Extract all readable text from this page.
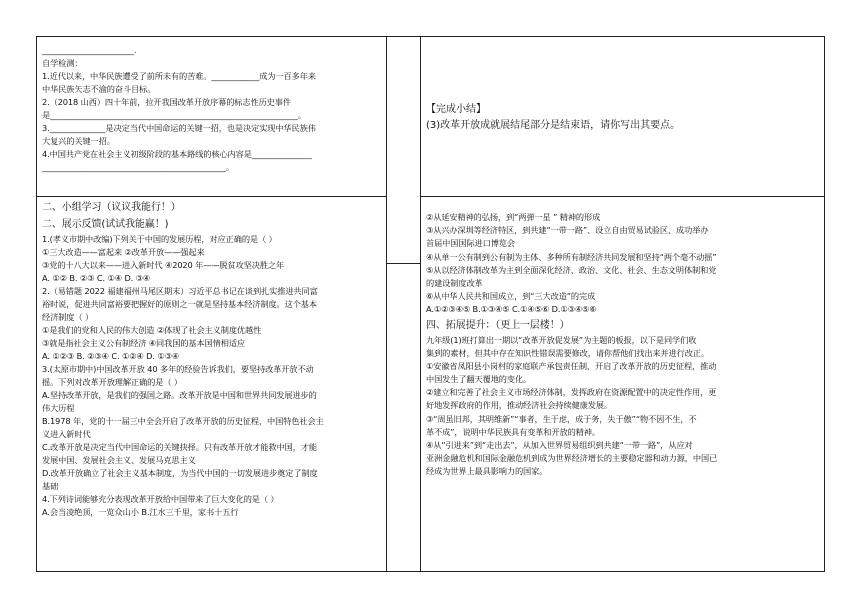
_______________________.
自学检测：
1.近代以来，中华民族遭受了前所未有的苦难。____________成为一百多年来
中华民族矢志不渝的奋斗目标。
2.（2018 山西）四十年前，拉开我国改革开放序幕的标志性历史事件
是______________________________________________________________。
3.______________是决定当代中国命运的关键一招，也是决定实现中华民族伟
大复兴的关键一招。
4.中国共产党在社会主义初级阶段的基本路线的核心内容是_______________
______________________________________________。
二、小组学习（议议我能行！）
二、展示反馈(试试我能赢！)
1.(孝义市期中改编)下列关于中国的发展历程，对应正确的是（ ）
①三大改造——富起来 ②改革开放——强起来
③党的十八大以来——进入新时代 ④2020 年——脱贫攻坚决胜之年
A. ①② B. ②③ C. ①④ D. ③④
2.（易错题 2022 福建福州马尾区期末）习近平总书记在谈到扎实推进共同富
裕时说，促进共同富裕要把握好的原则之一就是坚持基本经济制度。这个基本
经济制度（ ）
①是我们的党和人民的伟大创造 ②体现了社会主义制度优越性
③就是指社会主义公有制经济 ④同我国的基本国情相适应
A. ①②③ B. ②③④ C. ①②④ D. ①③④
3.(太原市期中)中国改革开放 40 多年的经验告诉我们，要坚持改革开放不动
摇。下列对改革开放理解正确的是（ ）
A.坚持改革开放，是我们的强国之路。改革开放是中国和世界共同发展进步的
伟大历程
B.1978 年，党的十一届三中全会开启了改革开放的历史征程，中国特色社会主
义进入新时代
C.改革开放是决定当代中国命运的关键抉择。只有改革开放才能救中国，才能
发展中国、发展社会主义、发展马克思主义
D.改革开放确立了社会主义基本制度，为当代中国的一切发展进步奠定了制度
基础
4.下列诗词能够充分表现改革开放给中国带来了巨大变化的是（ ）
A.会当凌绝顶，一览众山小 B.江水三千里，家书十五行
【完成小结】
(3)改革开放成就展结尾部分是结束语，请你写出其要点。
②从延安精神的弘扬，到“两弹一星 ” 精神的形成
③从兴办深圳等经济特区，到共建“一带一路”、设立自由贸易试验区、成功举办
首届中国国际进口博览会
④从单一公有制到公有制为主体、多种所有制经济共同发展和坚持“两个毫不动摇”
⑤从以经济体制改革为主到全面深化经济、政治、文化、社会、生态文明体制和党
的建设制度改革
⑥从中华人民共和国成立，到“三大改造”的完成
A.①②③④⑤ B.①③④⑤ C.①④⑤⑥ D.①③④⑤⑥
四、拓展提升：（更上一层楼！）
九年级(1)班打算出一期以“改革开放促发展”为主题的板报，以下是同学们收
集到的素材，但其中存在知识性错误需要修改，请你帮他们找出来并进行改正。
①安徽省凤阳县小岗村的家庭联产承包责任制，开启了改革开放的历史征程，推动
中国发生了翻天覆地的变化。
②建立和完善了社会主义市场经济体制，发挥政府在资源配置中的决定性作用，更
好地发挥政府的作用，推动经济社会持续健康发展。
③“周虽旧邦，其明维新”“事者，生于虑，成于务，失于傲”“物不因不生，不
革不成”，说明中华民族具有变革和开放的精神。
④从“引进来”到“走出去”，从加入世界贸易组织到共建“一带一路”，从应对
亚洲金融危机和国际金融危机到成为世界经济增长的主要稳定器和动力源，中国已
经成为世界上最具影响力的国家。
